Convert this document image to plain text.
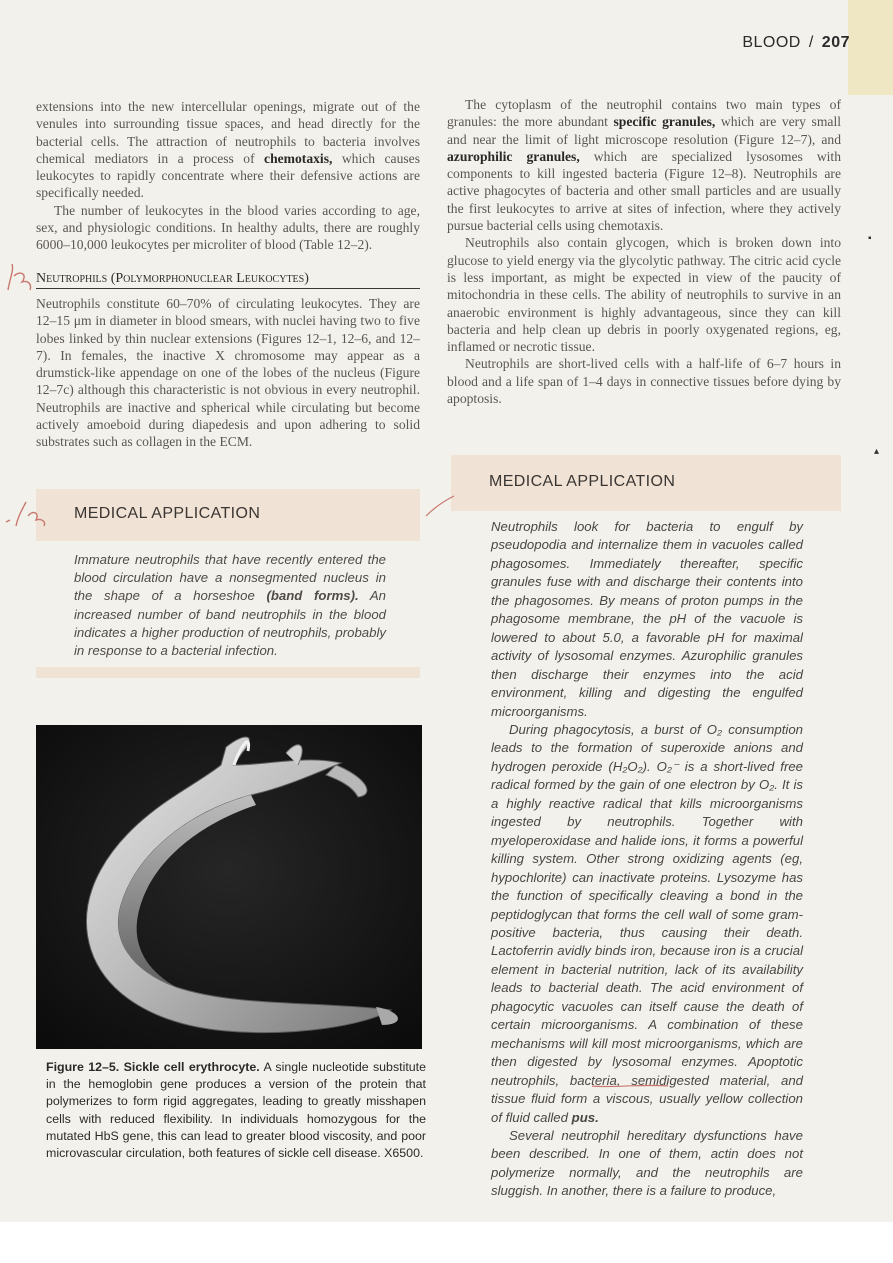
BLOOD / 207

extensions into the new intercellular openings, migrate out of the venules into surrounding tissue spaces, and head directly for the bacterial cells. The attraction of neutrophils to bacteria involves chemical mediators in a process of chemotaxis, which causes leukocytes to rapidly concentrate where their defensive actions are specifically needed.

The number of leukocytes in the blood varies according to age, sex, and physiologic conditions. In healthy adults, there are roughly 6000–10,000 leukocytes per microliter of blood (Table 12–2).

Neutrophils (Polymorphonuclear Leukocytes)

Neutrophils constitute 60–70% of circulating leukocytes. They are 12–15 μm in diameter in blood smears, with nuclei having two to five lobes linked by thin nuclear extensions (Figures 12–1, 12–6, and 12–7). In females, the inactive X chromosome may appear as a drumstick-like appendage on one of the lobes of the nucleus (Figure 12–7c) although this characteristic is not obvious in every neutrophil. Neutrophils are inactive and spherical while circulating but become actively amoeboid during diapedesis and upon adhering to solid substrates such as collagen in the ECM.

MEDICAL APPLICATION
Immature neutrophils that have recently entered the blood circulation have a nonsegmented nucleus in the shape of a horseshoe (band forms). An increased number of band neutrophils in the blood indicates a higher production of neutrophils, probably in response to a bacterial infection.
Figure 12–5. Sickle cell erythrocyte. A single nucleotide substitute in the hemoglobin gene produces a version of the protein that polymerizes to form rigid aggregates, leading to greatly misshapen cells with reduced flexibility. In individuals homozygous for the mutated HbS gene, this can lead to greater blood viscosity, and poor microvascular circulation, both features of sickle cell disease. X6500.

The cytoplasm of the neutrophil contains two main types of granules: the more abundant specific granules, which are very small and near the limit of light microscope resolution (Figure 12–7), and azurophilic granules, which are specialized lysosomes with components to kill ingested bacteria (Figure 12–8). Neutrophils are active phagocytes of bacteria and other small particles and are usually the first leukocytes to arrive at sites of infection, where they actively pursue bacterial cells using chemotaxis.

Neutrophils also contain glycogen, which is broken down into glucose to yield energy via the glycolytic pathway. The citric acid cycle is less important, as might be expected in view of the paucity of mitochondria in these cells. The ability of neutrophils to survive in an anaerobic environment is highly advantageous, since they can kill bacteria and help clean up debris in poorly oxygenated regions, eg, inflamed or necrotic tissue.

Neutrophils are short-lived cells with a half-life of 6–7 hours in blood and a life span of 1–4 days in connective tissues before dying by apoptosis.

MEDICAL APPLICATION

Neutrophils look for bacteria to engulf by pseudopodia and internalize them in vacuoles called phagosomes. Immediately thereafter, specific granules fuse with and discharge their contents into the phagosomes. By means of proton pumps in the phagosome membrane, the pH of the vacuole is lowered to about 5.0, a favorable pH for maximal activity of lysosomal enzymes. Azurophilic granules then discharge their enzymes into the acid environment, killing and digesting the engulfed microorganisms.

During phagocytosis, a burst of O₂ consumption leads to the formation of superoxide anions and hydrogen peroxide (H₂O₂). O₂⁻ is a short-lived free radical formed by the gain of one electron by O₂. It is a highly reactive radical that kills microorganisms ingested by neutrophils. Together with myeloperoxidase and halide ions, it forms a powerful killing system. Other strong oxidizing agents (eg, hypochlorite) can inactivate proteins. Lysozyme has the function of specifically cleaving a bond in the peptidoglycan that forms the cell wall of some gram-positive bacteria, thus causing their death. Lactoferrin avidly binds iron, because iron is a crucial element in bacterial nutrition, lack of its availability leads to bacterial death. The acid environment of phagocytic vacuoles can itself cause the death of certain microorganisms. A combination of these mechanisms will kill most microorganisms, which are then digested by lysosomal enzymes. Apoptotic neutrophils, bacteria, semidigested material, and tissue fluid form a viscous, usually yellow collection of fluid called pus.

Several neutrophil hereditary dysfunctions have been described. In one of them, actin does not polymerize normally, and the neutrophils are sluggish. In another, there is a failure to produce,

▪
▴
